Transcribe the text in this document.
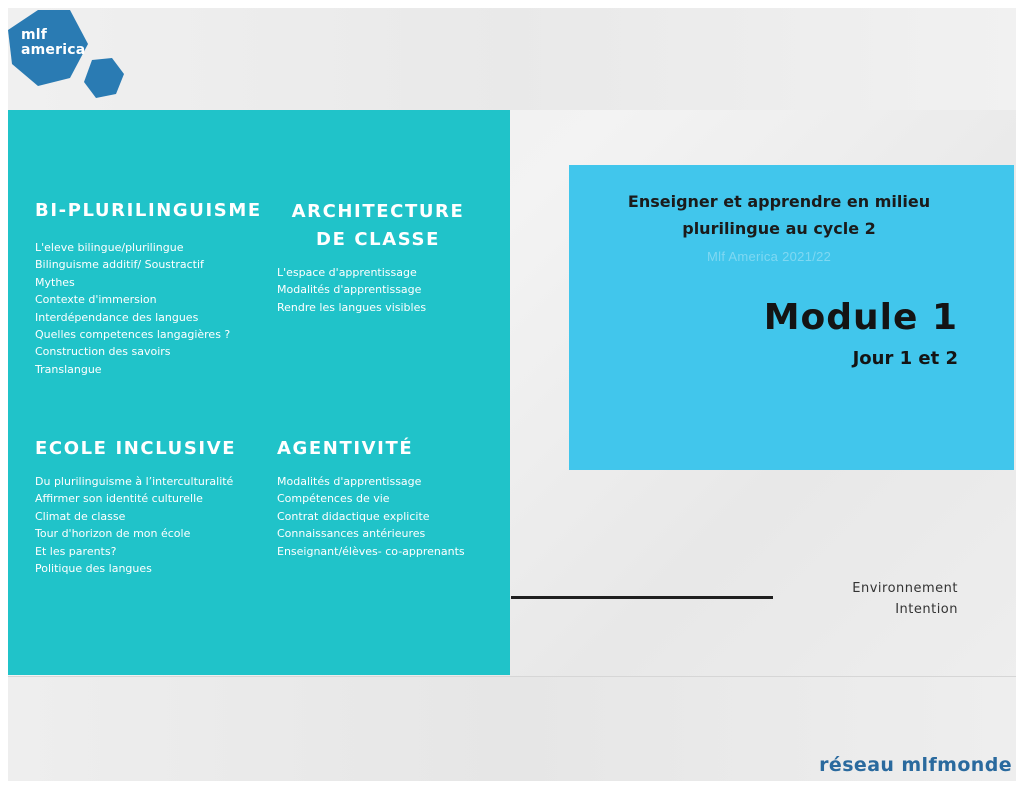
mlf
america
BI-PLURILINGUISME
L'eleve bilingue/plurilingue
Bilinguisme additif/ Soustractif
Mythes
Contexte d'immersion
Interdépendance des langues
Quelles competences langagières ?
Construction des savoirs
Translangue
ARCHITECTURE
DE CLASSE
L'espace d'apprentissage
Modalités d'apprentissage
Rendre les langues visibles
ECOLE INCLUSIVE
Du plurilinguisme à l’interculturalité
Affirmer son identité culturelle
Climat de classe
Tour d'horizon de mon école
Et les parents?
Politique des langues
AGENTIVITÉ
Modalités d'apprentissage
Compétences de vie
Contrat didactique explicite
Connaissances antérieures
Enseignant/élèves- co-apprenants
Enseigner et apprendre en milieu
plurilingue au cycle 2
Mlf America 2021/22
Module 1
Jour 1 et 2
Environnement
Intention
réseau mlfmonde
